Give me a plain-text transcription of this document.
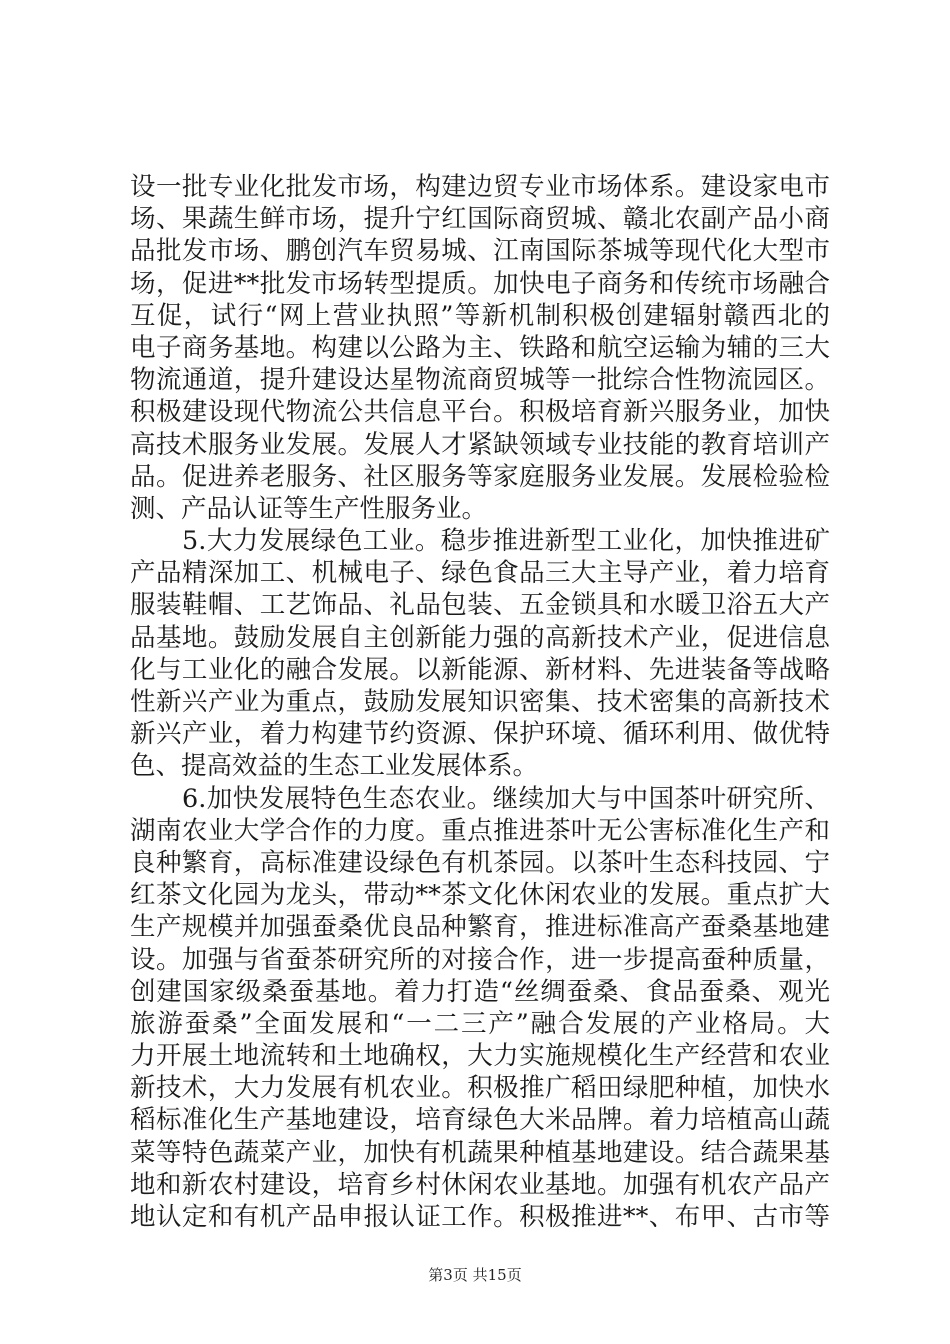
设一批专业化批发市场，构建边贸专业市场体系。建设家电市
场、果蔬生鲜市场，提升宁红国际商贸城、赣北农副产品小商
品批发市场、鹏创汽车贸易城、江南国际茶城等现代化大型市
场，促进**批发市场转型提质。加快电子商务和传统市场融合
互促，试行“网上营业执照”等新机制积极创建辐射赣西北的
电子商务基地。构建以公路为主、铁路和航空运输为辅的三大
物流通道，提升建设达星物流商贸城等一批综合性物流园区。
积极建设现代物流公共信息平台。积极培育新兴服务业，加快
高技术服务业发展。发展人才紧缺领域专业技能的教育培训产
品。促进养老服务、社区服务等家庭服务业发展。发展检验检
测、产品认证等生产性服务业。
5.大力发展绿色工业。稳步推进新型工业化，加快推进矿
产品精深加工、机械电子、绿色食品三大主导产业，着力培育
服装鞋帽、工艺饰品、礼品包装、五金锁具和水暖卫浴五大产
品基地。鼓励发展自主创新能力强的高新技术产业，促进信息
化与工业化的融合发展。以新能源、新材料、先进装备等战略
性新兴产业为重点，鼓励发展知识密集、技术密集的高新技术
新兴产业，着力构建节约资源、保护环境、循环利用、做优特
色、提高效益的生态工业发展体系。
6.加快发展特色生态农业。继续加大与中国茶叶研究所、
湖南农业大学合作的力度。重点推进茶叶无公害标准化生产和
良种繁育，高标准建设绿色有机茶园。以茶叶生态科技园、宁
红茶文化园为龙头，带动**茶文化休闲农业的发展。重点扩大
生产规模并加强蚕桑优良品种繁育，推进标准高产蚕桑基地建
设。加强与省蚕茶研究所的对接合作，进一步提高蚕种质量，
创建国家级桑蚕基地。着力打造“丝绸蚕桑、食品蚕桑、观光
旅游蚕桑”全面发展和“一二三产”融合发展的产业格局。大
力开展土地流转和土地确权，大力实施规模化生产经营和农业
新技术，大力发展有机农业。积极推广稻田绿肥种植，加快水
稻标准化生产基地建设，培育绿色大米品牌。着力培植高山蔬
菜等特色蔬菜产业，加快有机蔬果种植基地建设。结合蔬果基
地和新农村建设，培育乡村休闲农业基地。加强有机农产品产
地认定和有机产品申报认证工作。积极推进**、布甲、古市等
第3页 共15页
